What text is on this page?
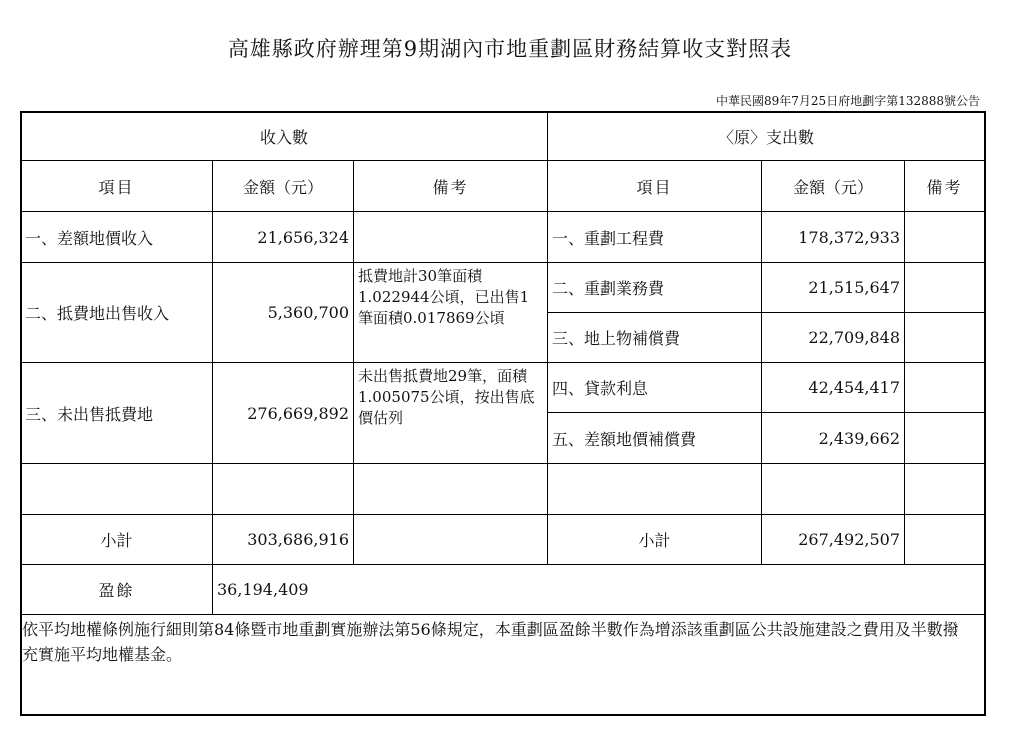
高雄縣政府辦理第9期湖內市地重劃區財務結算收支對照表
中華民國89年7月25日府地劃字第132888號公告
收入數			〈原〉支出數		
項目	金額（元）	備考	項目	金額（元）	備考
一、差額地價收入	21,656,324		一、重劃工程費	178,372,933	
二、抵費地出售收入	5,360,700	抵費地計30筆面積1.022944公頃，已出售1筆面積0.017869公頃	二、重劃業務費	21,515,647	
			三、地上物補償費	22,709,848	
三、未出售抵費地	276,669,892	未出售抵費地29筆，面積1.005075公頃，按出售底價估列	四、貸款利息	42,454,417	
			五、差額地價補償費	2,439,662	

小計	303,686,916		小計	267,492,507	
盈餘	36,194,409				
依平均地權條例施行細則第84條暨市地重劃實施辦法第56條規定，本重劃區盈餘半數作為增添該重劃區公共設施建設之費用及半數撥充實施平均地權基金。
